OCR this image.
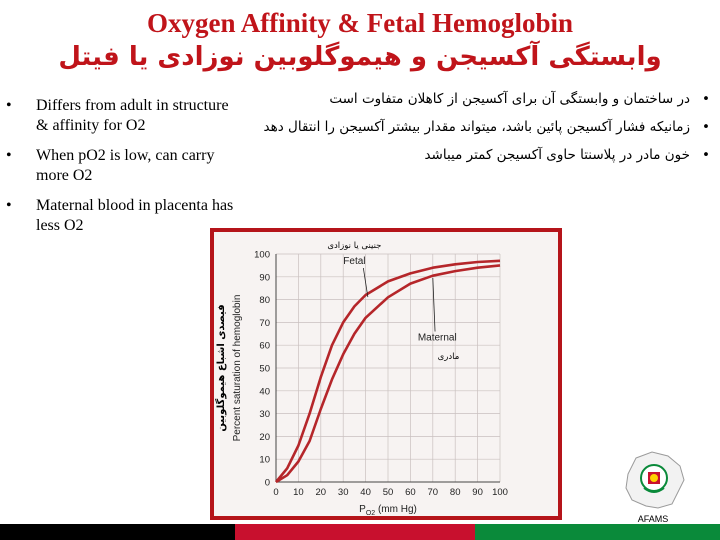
Oxygen Affinity & Fetal Hemoglobin
وابستگی آکسیجن و هیموگلوبین نوزادی یا فیتل
• Differs from adult in structure & affinity for O2
• When pO2 is low, can carry more O2
• Maternal blood in placenta has less O2
• در ساختمان و وابستگی آن برای آکسیجن از کاهلان متفاوت است
• زمانیکه فشار آکسیجن پائین باشد، میتواند مقدار بیشتر آکسیجن را انتقال دهد
• خون مادر در پلاسنتا حاوی آکسیجن کمتر میباشد
0
10
20
30
40
50
60
70
80
90
100
0 10 20 30 40 50 60 70 80 90 100
$P_{O2}$ (mm Hg)
Percent saturation of hemoglobin
فیصدی اشباع هیموگلوبین
جنینی یا نوزادی
Fetal
Maternal
مادری
AFAMS
